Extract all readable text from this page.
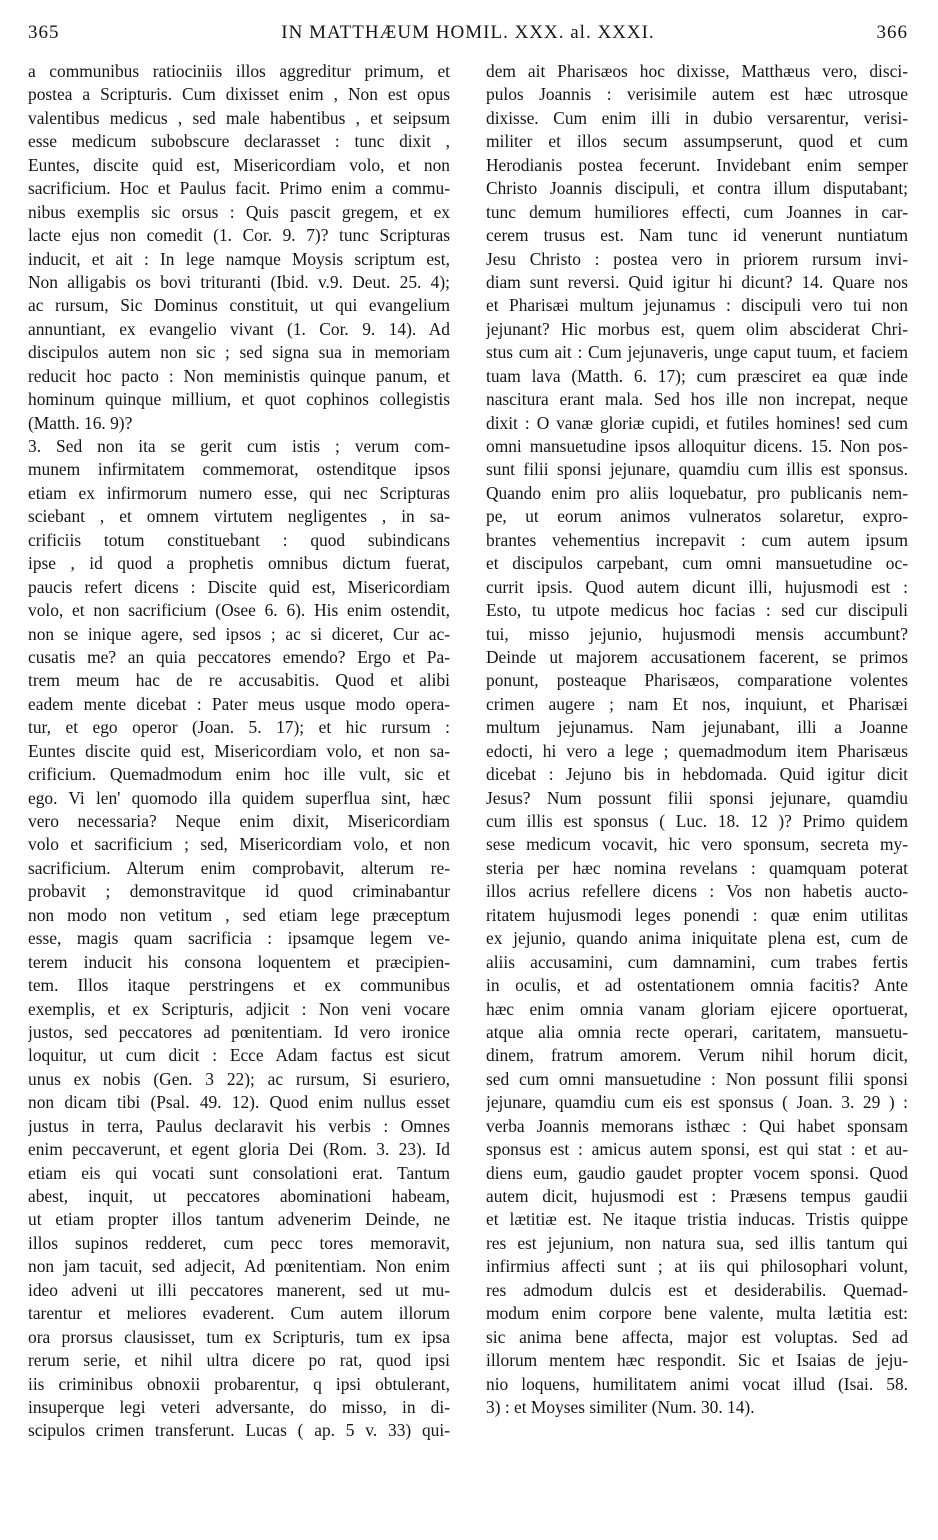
IN MATTHÆUM HOMIL. XXX. al. XXXI.
365	366
a communibus ratiociniis illos aggreditur primum, et
postea a Scripturis. Cum dixisset enim , Non est opus
valentibus medicus , sed male habentibus , et seipsum
esse medicum subobscure declarasset : tunc dixit ,
Euntes, discite quid est, Misericordiam volo, et non
sacrificium. Hoc et Paulus facit. Primo enim a commu-
nibus exemplis sic orsus : Quis pascit gregem, et ex
lacte ejus non comedit (1. Cor. 9. 7)? tunc Scripturas
inducit, et ait : In lege namque Moysis scriptum est,
Non alligabis os bovi trituranti (Ibid. v.9. Deut. 25. 4);
ac rursum, Sic Dominus constituit, ut qui evangelium
annuntiant, ex evangelio vivant (1. Cor. 9. 14). Ad
discipulos autem non sic ; sed signa sua in memoriam
reducit hoc pacto : Non meministis quinque panum, et
hominum quinque millium, et quot cophinos collegistis
(Matth. 16. 9)?
3. Sed non ita se gerit cum istis ; verum com-
munem infirmitatem commemorat, ostenditque ipsos
etiam ex infirmorum numero esse, qui nec Scripturas
sciebant , et omnem virtutem negligentes , in sa-
crificiis totum constituebant : quod subindicans
ipse , id quod a prophetis omnibus dictum fuerat,
paucis refert dicens : Discite quid est, Misericordiam
volo, et non sacrificium (Osee 6. 6). His enim ostendit,
non se inique agere, sed ipsos ; ac si diceret, Cur ac-
cusatis me? an quia peccatores emendo? Ergo et Pa-
trem meum hac de re accusabitis. Quod et alibi
eadem mente dicebat : Pater meus usque modo opera-
tur, et ego operor (Joan. 5. 17); et hic rursum :
Euntes discite quid est, Misericordiam volo, et non sa-
crificium. Quemadmodum enim hoc ille vult, sic et
ego. Vi len' quomodo illa quidem superflua sint, hæc
vero necessaria? Neque enim dixit, Misericordiam
volo et sacrificium ; sed, Misericordiam volo, et non
sacrificium. Alterum enim comprobavit, alterum re-
probavit ; demonstravitque id quod criminabantur
non modo non vetitum , sed etiam lege præceptum
esse, magis quam sacrificia : ipsamque legem ve-
terem inducit his consona loquentem et præcipien-
tem. Illos itaque perstringens et ex communibus
exemplis, et ex Scripturis, adjicit : Non veni vocare
justos, sed peccatores ad pœnitentiam. Id vero ironice
loquitur, ut cum dicit : Ecce Adam factus est sicut
unus ex nobis (Gen. 3 22); ac rursum, Si esuriero,
non dicam tibi (Psal. 49. 12). Quod enim nullus esset
justus in terra, Paulus declaravit his verbis : Omnes
enim peccaverunt, et egent gloria Dei (Rom. 3. 23). Id
etiam eis qui vocati sunt consolationi erat. Tantum
abest, inquit, ut peccatores abominationi habeam,
ut etiam propter illos tantum advenerim Deinde, ne
illos supinos redderet, cum pecc tores memoravit,
non jam tacuit, sed adjecit, Ad pœnitentiam. Non enim
ideo adveni ut illi peccatores manerent, sed ut mu-
tarentur et meliores evaderent. Cum autem illorum
ora prorsus clausisset, tum ex Scripturis, tum ex ipsa
rerum serie, et nihil ultra dicere po rat, quod ipsi
iis criminibus obnoxii probarentur, q ipsi obtulerant,
insuperque legi veteri adversante, do misso, in di-
scipulos crimen transferunt. Lucas ( ap. 5 v. 33) qui-
dem ait Pharisæos hoc dixisse, Matthæus vero, disci-
pulos Joannis : verisimile autem est hæc utrosque
dixisse. Cum enim illi in dubio versarentur, verisi-
militer et illos secum assumpserunt, quod et cum
Herodianis postea fecerunt. Invidebant enim semper
Christo Joannis discipuli, et contra illum disputabant;
tunc demum humiliores effecti, cum Joannes in car-
cerem trusus est. Nam tunc id venerunt nuntiatum
Jesu Christo : postea vero in priorem rursum invi-
diam sunt reversi. Quid igitur hi dicunt? 14. Quare nos
et Pharisæi multum jejunamus : discipuli vero tui non
jejunant? Hic morbus est, quem olim absciderat Chri-
stus cum ait : Cum jejunaveris, unge caput tuum, et faciem
tuam lava (Matth. 6. 17); cum præsciret ea quæ inde
nascitura erant mala. Sed hos ille non increpat, neque
dixit : O vanæ gloriæ cupidi, et futiles homines! sed cum
omni mansuetudine ipsos alloquitur dicens. 15. Non pos-
sunt filii sponsi jejunare, quamdiu cum illis est sponsus.
Quando enim pro aliis loquebatur, pro publicanis nem-
pe, ut eorum animos vulneratos solaretur, expro-
brantes vehementius increpavit : cum autem ipsum
et discipulos carpebant, cum omni mansuetudine oc-
currit ipsis. Quod autem dicunt illi, hujusmodi est :
Esto, tu utpote medicus hoc facias : sed cur discipuli
tui, misso jejunio, hujusmodi mensis accumbunt?
Deinde ut majorem accusationem facerent, se primos
ponunt, posteaque Pharisæos, comparatione volentes
crimen augere ; nam Et nos, inquiunt, et Pharisæi
multum jejunamus. Nam jejunabant, illi a Joanne
edocti, hi vero a lege ; quemadmodum item Pharisæus
dicebat : Jejuno bis in hebdomada. Quid igitur dicit
Jesus? Num possunt filii sponsi jejunare, quamdiu
cum illis est sponsus ( Luc. 18. 12 )? Primo quidem
sese medicum vocavit, hic vero sponsum, secreta my-
steria per hæc nomina revelans : quamquam poterat
illos acrius refellere dicens : Vos non habetis aucto-
ritatem hujusmodi leges ponendi : quæ enim utilitas
ex jejunio, quando anima iniquitate plena est, cum de
aliis accusamini, cum damnamini, cum trabes fertis
in oculis, et ad ostentationem omnia facitis? Ante
hæc enim omnia vanam gloriam ejicere oportuerat,
atque alia omnia recte operari, caritatem, mansuetu-
dinem, fratrum amorem. Verum nihil horum dicit,
sed cum omni mansuetudine : Non possunt filii sponsi
jejunare, quamdiu cum eis est sponsus ( Joan. 3. 29 ) :
verba Joannis memorans isthæc : Qui habet sponsam
sponsus est : amicus autem sponsi, est qui stat : et au-
diens eum, gaudio gaudet propter vocem sponsi. Quod
autem dicit, hujusmodi est : Præsens tempus gaudii
et lætitiæ est. Ne itaque tristia inducas. Tristis quippe
res est jejunium, non natura sua, sed illis tantum qui
infirmius affecti sunt ; at iis qui philosophari volunt,
res admodum dulcis est et desiderabilis. Quemad-
modum enim corpore bene valente, multa lætitia est:
sic anima bene affecta, major est voluptas. Sed ad
illorum mentem hæc respondit. Sic et Isaias de jeju-
nio loquens, humilitatem animi vocat illud (Isai. 58.
3) : et Moyses similiter (Num. 30. 14).
